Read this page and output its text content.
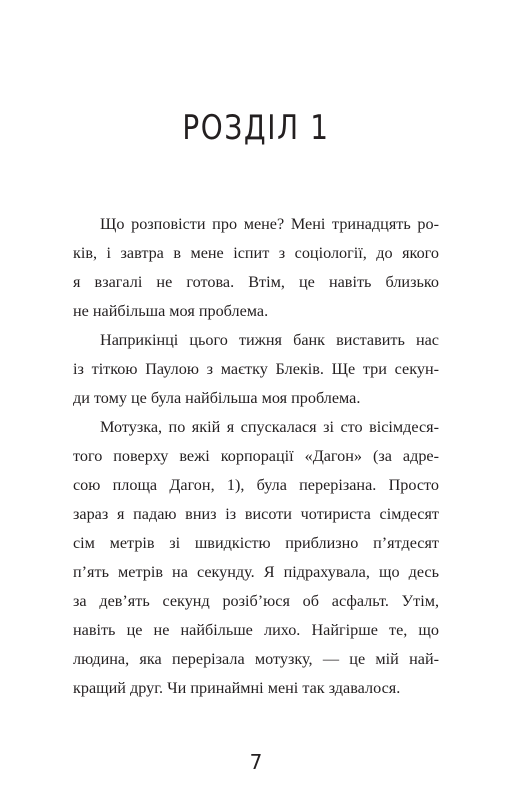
РОЗДІЛ 1

Що розповісти про мене? Мені тринадцять ро-
ків, і завтра в мене іспит з соціології, до якого
я взагалі не готова. Втім, це навіть близько
не найбільша моя проблема.

Наприкінці цього тижня банк виставить нас
із тіткою Паулою з маєтку Блеків. Ще три секун-
ди тому це була найбільша моя проблема.

Мотузка, по якій я спускалася зі сто вісімдеся-
того поверху вежі корпорації «Дагон» (за адре-
сою площа Дагон, 1), була перерізана. Просто
зараз я падаю вниз із висоти чотириста сімдесят
сім метрів зі швидкістю приблизно п’ятдесят
п’ять метрів на секунду. Я підрахувала, що десь
за дев’ять секунд розіб’юся об асфальт. Утім,
навіть це не найбільше лихо. Найгірше те, що
людина, яка перерізала мотузку, — це мій най-
кращий друг. Чи принаймні мені так здавалося.

7
